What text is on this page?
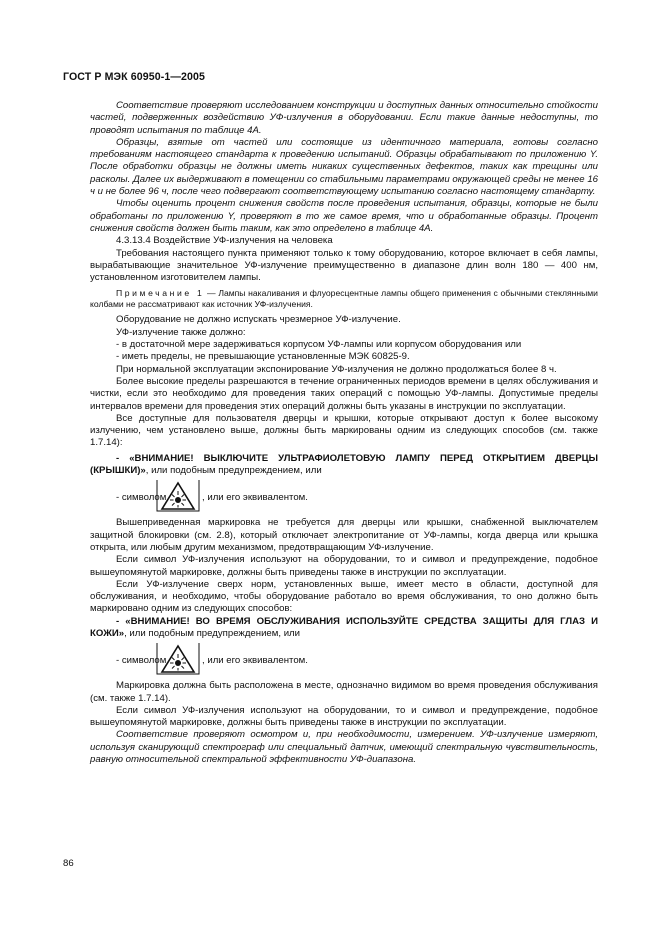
ГОСТ Р МЭК 60950-1—2005

Соответствие проверяют исследованием конструкции и доступных данных относительно стойкости частей, подверженных воздействию УФ-излучения в оборудовании. Если такие данные недоступны, то проводят испытания по таблице 4А.

Образцы, взятые от частей или состоящие из идентичного материала, готовы согласно требованиям настоящего стандарта к проведению испытаний. Образцы обрабатывают по приложению Y. После обработки образцы не должны иметь никаких существенных дефектов, таких как трещины или расколы. Далее их выдерживают в помещении со стабильными параметрами окружающей среды не менее 16 ч и не более 96 ч, после чего подвергают соответствующему испытанию согласно настоящему стандарту.

Чтобы оценить процент снижения свойств после проведения испытания, образцы, которые не были обработаны по приложению Y, проверяют в то же самое время, что и обработанные образцы. Процент снижения свойств должен быть таким, как это определено в таблице 4А.

4.3.13.4 Воздействие УФ-излучения на человека

Требования настоящего пункта применяют только к тому оборудованию, которое включает в себя лампы, вырабатывающие значительное УФ-излучение преимущественно в диапазоне длин волн 180 — 400 нм, установленном изготовителем лампы.

Примечание 1 — Лампы накаливания и флуоресцентные лампы общего применения с обычными стеклянными колбами не рассматривают как источник УФ-излучения.

Оборудование не должно испускать чрезмерное УФ-излучение.

УФ-излучение также должно:

- в достаточной мере задерживаться корпусом УФ-лампы или корпусом оборудования или

- иметь пределы, не превышающие установленные МЭК 60825-9.

При нормальной эксплуатации экспонирование УФ-излучения не должно продолжаться более 8 ч.

Более высокие пределы разрешаются в течение ограниченных периодов времени в целях обслуживания и чистки, если это необходимо для проведения таких операций с помощью УФ-лампы. Допустимые пределы интервалов времени для проведения этих операций должны быть указаны в инструкции по эксплуатации.

Все доступные для пользователя дверцы и крышки, которые открывают доступ к более высокому излучению, чем установлено выше, должны быть маркированы одним из следующих способов (см. также 1.7.14):

- «ВНИМАНИЕ! ВЫКЛЮЧИТЕ УЛЬТРАФИОЛЕТОВУЮ ЛАМПУ ПЕРЕД ОТКРЫТИЕМ ДВЕРЦЫ (КРЫШКИ)», или подобным предупреждением, или

- символом	, или его эквивалентом.

Вышеприведенная маркировка не требуется для дверцы или крышки, снабженной выключателем защитной блокировки (см. 2.8), который отключает электропитание от УФ-лампы, когда дверца или крышка открыта, или любым другим механизмом, предотвращающим УФ-излучение.

Если символ УФ-излучения используют на оборудовании, то и символ и предупреждение, подобное вышеупомянутой маркировке, должны быть приведены также в инструкции по эксплуатации.

Если УФ-излучение сверх норм, установленных выше, имеет место в области, доступной для обслуживания, и необходимо, чтобы оборудование работало во время обслуживания, то оно должно быть маркировано одним из следующих способов:

- «ВНИМАНИЕ! ВО ВРЕМЯ ОБСЛУЖИВАНИЯ ИСПОЛЬЗУЙТЕ СРЕДСТВА ЗАЩИТЫ ДЛЯ ГЛАЗ И КОЖИ», или подобным предупреждением, или

- символом	, или его эквивалентом.

Маркировка должна быть расположена в месте, однозначно видимом во время проведения обслуживания (см. также 1.7.14).

Если символ УФ-излучения используют на оборудовании, то и символ и предупреждение, подобное вышеупомянутой маркировке, должны быть приведены также в инструкции по эксплуатации.

Соответствие проверяют осмотром и, при необходимости, измерением. УФ-излучение измеряют, используя сканирующий спектрограф или специальный датчик, имеющий спектральную чувствительность, равную относительной спектральной эффективности УФ-диапазона.

86
